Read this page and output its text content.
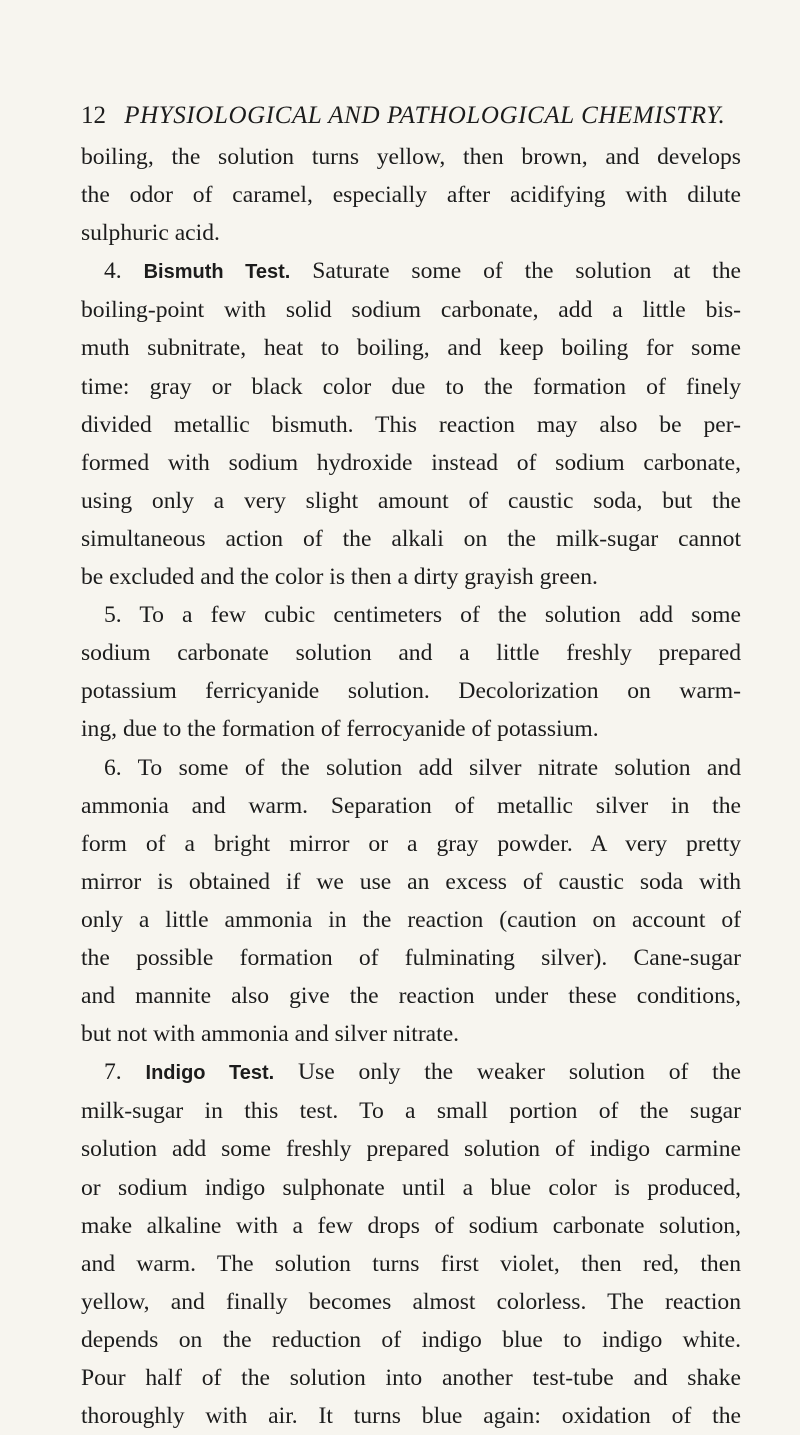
12 PHYSIOLOGICAL AND PATHOLOGICAL CHEMISTRY.
boiling, the solution turns yellow, then brown, and develops
the odor of caramel, especially after acidifying with dilute
sulphuric acid.
4. Bismuth Test. Saturate some of the solution at the
boiling-point with solid sodium carbonate, add a little bis-
muth subnitrate, heat to boiling, and keep boiling for some
time: gray or black color due to the formation of finely
divided metallic bismuth. This reaction may also be per-
formed with sodium hydroxide instead of sodium carbonate,
using only a very slight amount of caustic soda, but the
simultaneous action of the alkali on the milk-sugar cannot
be excluded and the color is then a dirty grayish green.
5. To a few cubic centimeters of the solution add some
sodium carbonate solution and a little freshly prepared
potassium ferricyanide solution. Decolorization on warm-
ing, due to the formation of ferrocyanide of potassium.
6. To some of the solution add silver nitrate solution and
ammonia and warm. Separation of metallic silver in the
form of a bright mirror or a gray powder. A very pretty
mirror is obtained if we use an excess of caustic soda with
only a little ammonia in the reaction (caution on account of
the possible formation of fulminating silver). Cane-sugar
and mannite also give the reaction under these conditions,
but not with ammonia and silver nitrate.
7. Indigo Test. Use only the weaker solution of the
milk-sugar in this test. To a small portion of the sugar
solution add some freshly prepared solution of indigo carmine
or sodium indigo sulphonate until a blue color is produced,
make alkaline with a few drops of sodium carbonate solution,
and warm. The solution turns first violet, then red, then
yellow, and finally becomes almost colorless. The reaction
depends on the reduction of indigo blue to indigo white.
Pour half of the solution into another test-tube and shake
thoroughly with air. It turns blue again: oxidation of the
